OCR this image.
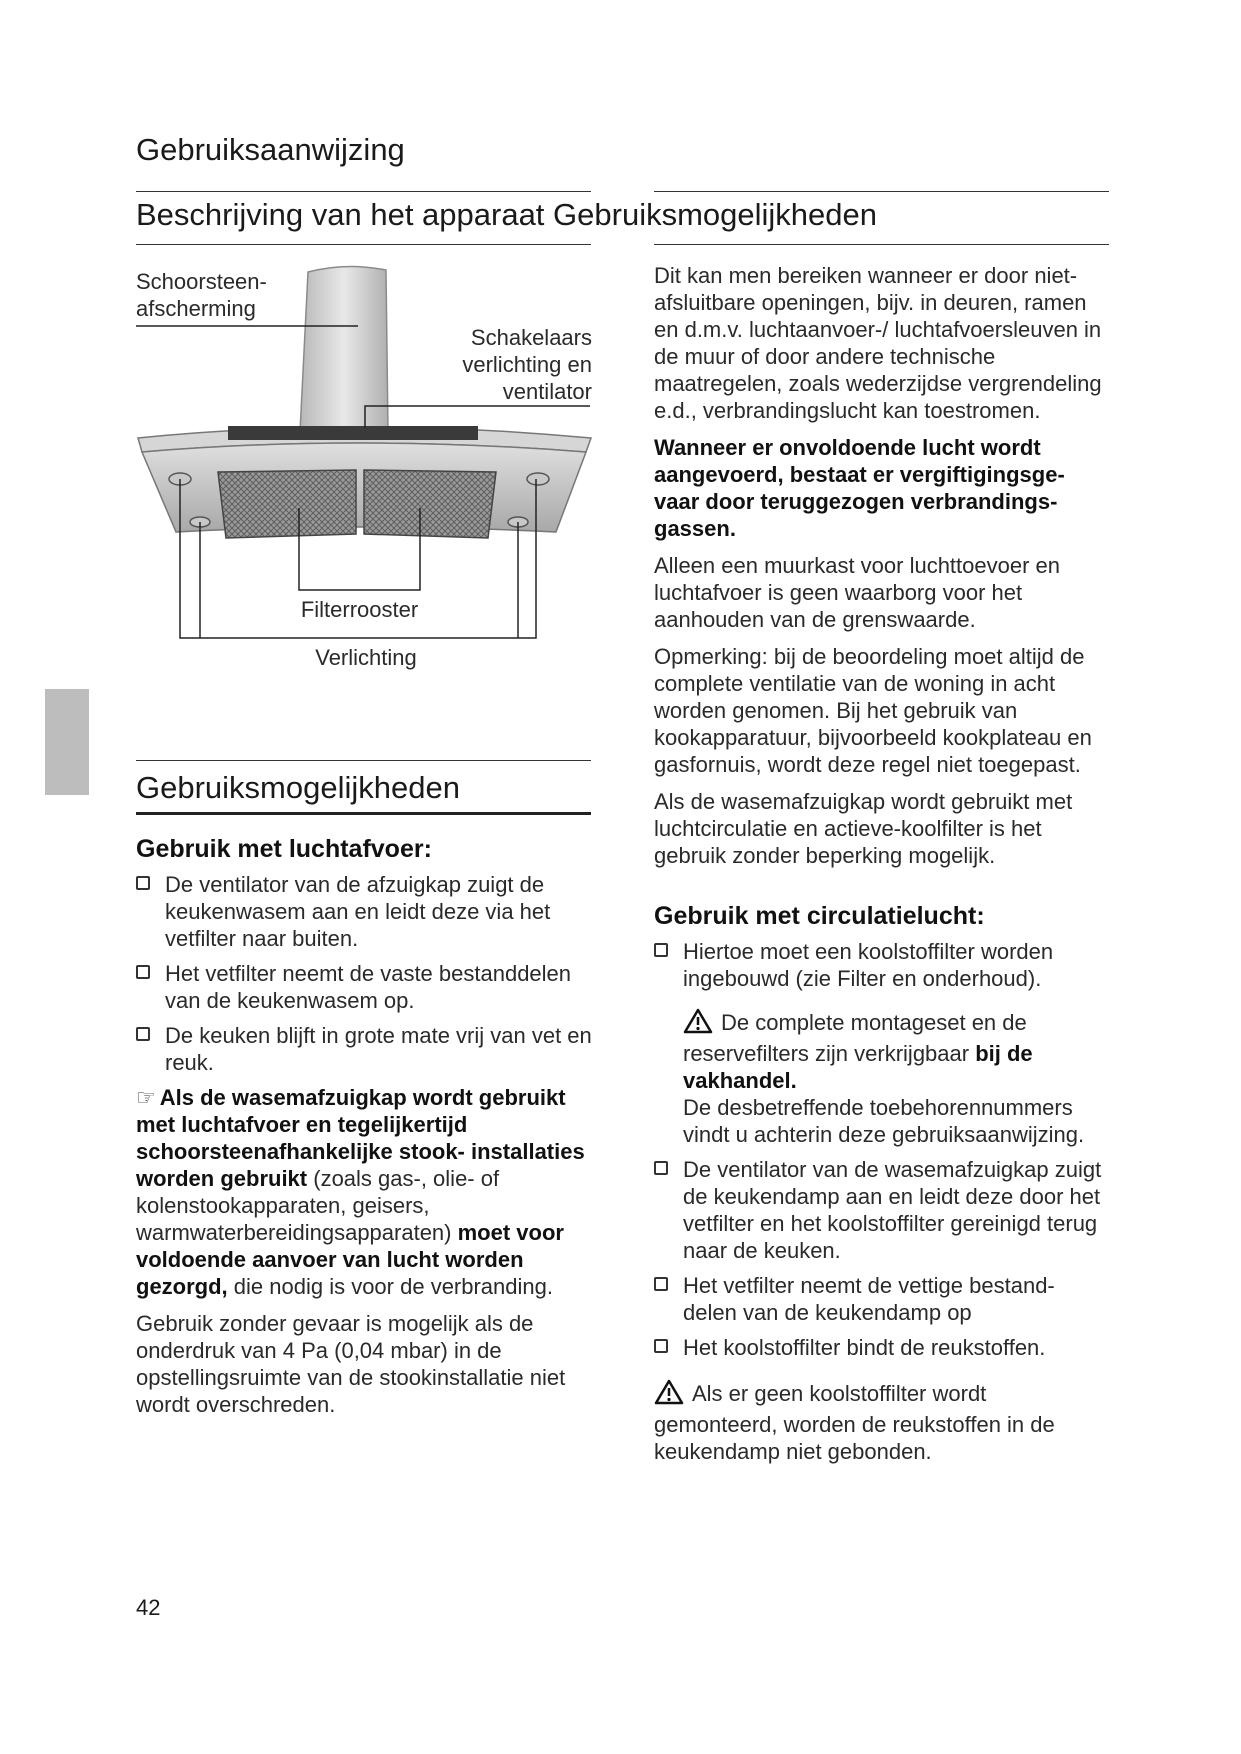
Gebruiksaanwijzing
Beschrijving van het apparaat Gebruiksmogelijkheden
Schoorsteen-
afscherming
Schakelaars
verlichting en
ventilator
Filterrooster
Verlichting
Gebruiksmogelijkheden
Gebruik met luchtafvoer:
De ventilator van de afzuigkap zuigt de keukenwasem aan en leidt deze via het vetfilter naar buiten.
Het vetfilter neemt de vaste bestanddelen van de keukenwasem op.
De keuken blijft in grote mate vrij van vet en reuk.

☞ Als de wasemafzuigkap wordt gebruikt met luchtafvoer en tegelijkertijd schoorsteenafhankelijke stook- installaties worden gebruikt (zoals gas-, olie- of kolenstookapparaten, geisers, warmwaterbereidingsapparaten) moet voor voldoende aanvoer van lucht worden gezorgd, die nodig is voor de verbranding.

Gebruik zonder gevaar is mogelijk als de onderdruk van 4 Pa (0,04 mbar) in de opstellingsruimte van de stookinstallatie niet wordt overschreden.

Dit kan men bereiken wanneer er door niet-afsluitbare openingen, bijv. in deuren, ramen en d.m.v. luchtaanvoer-/ luchtafvoersleuven in de muur of door andere technische maatregelen, zoals wederzijdse vergrendeling e.d., verbrandingslucht kan toestromen.

Wanneer er onvoldoende lucht wordt aangevoerd, bestaat er vergiftigingsge- vaar door teruggezogen verbrandings- gassen.

Alleen een muurkast voor luchttoevoer en luchtafvoer is geen waarborg voor het aanhouden van de grenswaarde.

Opmerking: bij de beoordeling moet altijd de complete ventilatie van de woning in acht worden genomen. Bij het gebruik van kookapparatuur, bijvoorbeeld kookplateau en gasfornuis, wordt deze regel niet toegepast.

Als de wasemafzuigkap wordt gebruikt met luchtcirculatie en actieve-koolfilter is het gebruik zonder beperking mogelijk.

Gebruik met circulatielucht:
Hiertoe moet een koolstoffilter worden ingebouwd (zie Filter en onderhoud).
De complete montageset en de reservefilters zijn verkrijgbaar bij de vakhandel.
De desbetreffende toebehorennummers vindt u achterin deze gebruiksaanwijzing.
De ventilator van de wasemafzuigkap zuigt de keukendamp aan en leidt deze door het vetfilter en het koolstoffilter gereinigd terug naar de keuken.
Het vetfilter neemt de vettige bestand- delen van de keukendamp op
Het koolstoffilter bindt de reukstoffen.

Als er geen koolstoffilter wordt gemonteerd, worden de reukstoffen in de keukendamp niet gebonden.

42
